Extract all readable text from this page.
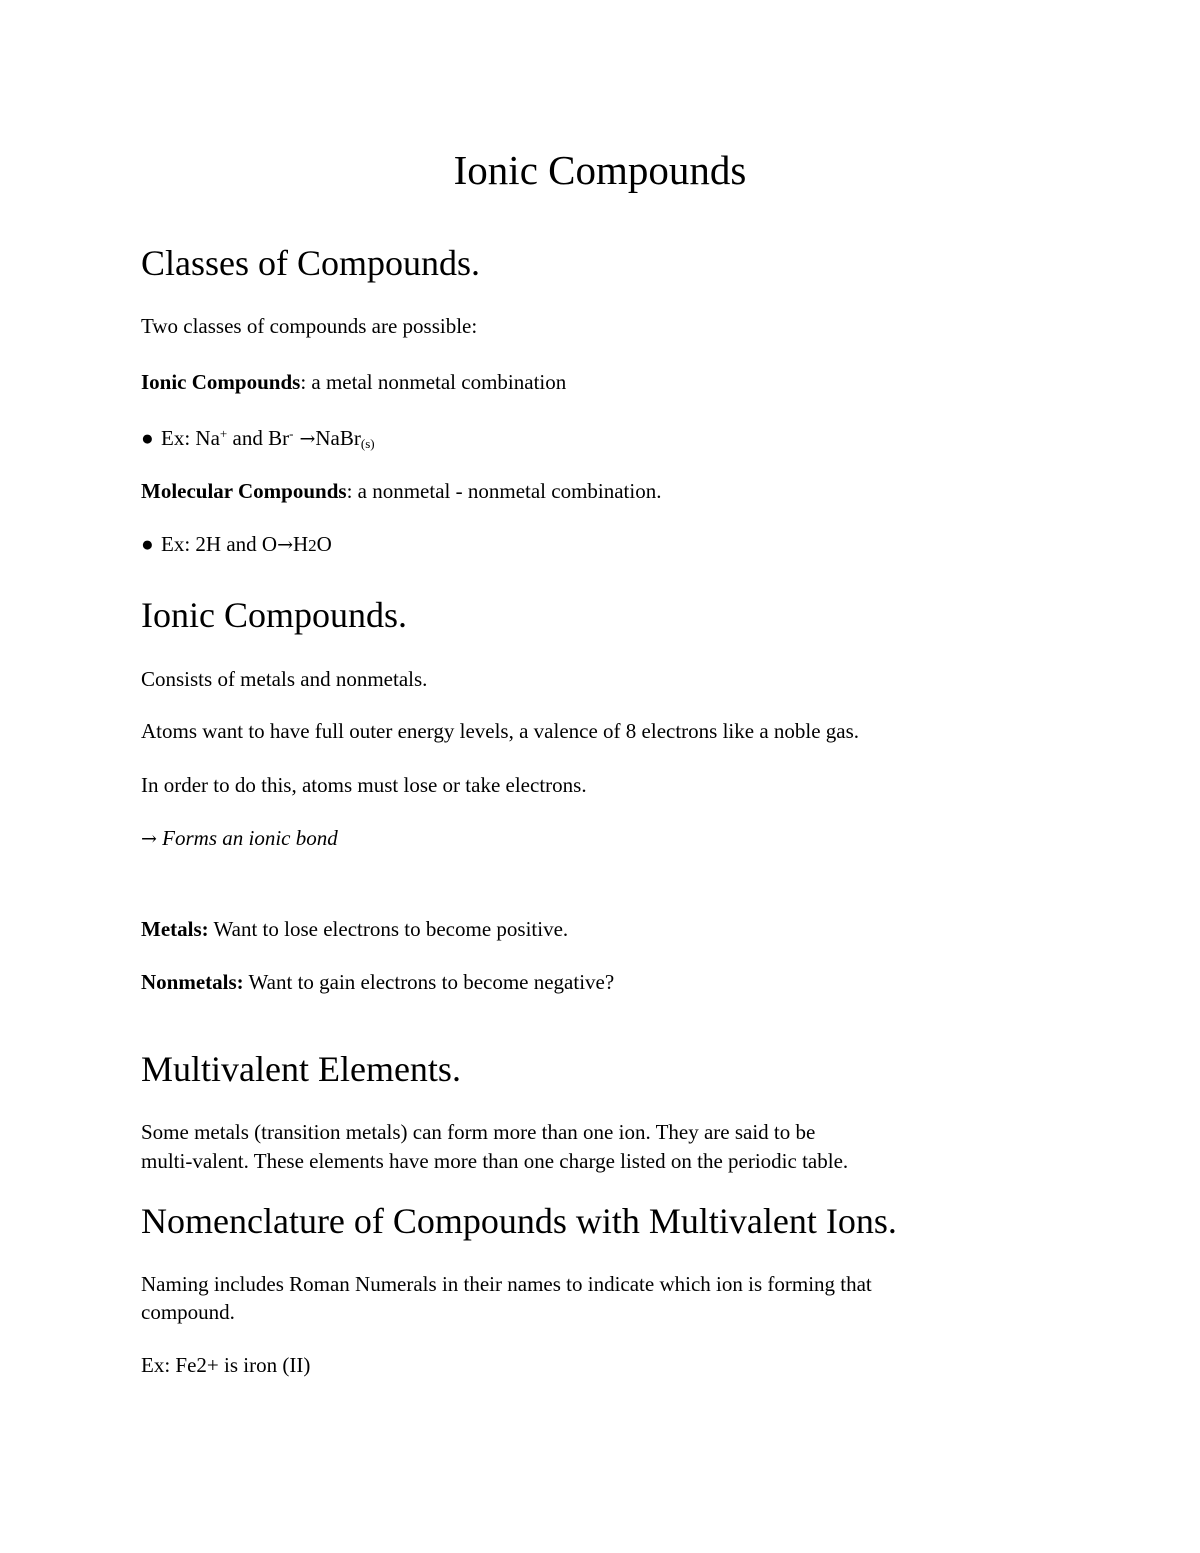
Ionic Compounds
Classes of Compounds.

Two classes of compounds are possible:

Ionic Compounds: a metal nonmetal combination

● Ex: Na+ and Br- →NaBr$_{(s)}$

Molecular Compounds: a nonmetal - nonmetal combination.

● Ex: 2H and O→H2O

Ionic Compounds.

Consists of metals and nonmetals.

Atoms want to have full outer energy levels, a valence of 8 electrons like a noble gas.

In order to do this, atoms must lose or take electrons.

→ Forms an ionic bond

Metals: Want to lose electrons to become positive.

Nonmetals: Want to gain electrons to become negative?

Multivalent Elements.

Some metals (transition metals) can form more than one ion. They are said to be

multi-valent. These elements have more than one charge listed on the periodic table.

Nomenclature of Compounds with Multivalent Ions.

Naming includes Roman Numerals in their names to indicate which ion is forming that

compound.

Ex: Fe2+ is iron (II)
